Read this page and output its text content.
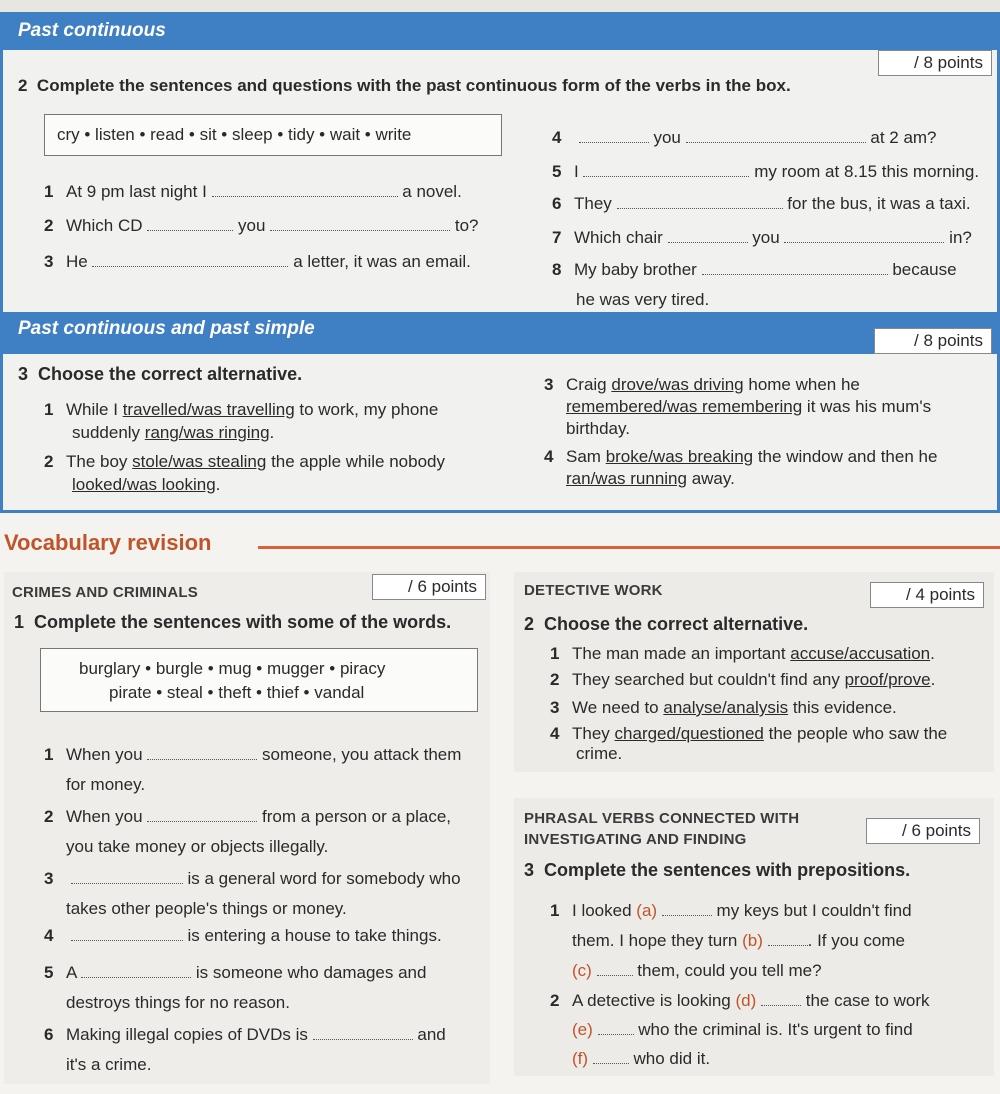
Past continuous
/ 8 points
2 Complete the sentences and questions with the past continuous form of the verbs in the box.
cry • listen • read • sit • sleep • tidy • wait • write
1 At 9 pm last night I	a novel.
2 Which CD	you	to?
3 He	a letter, it was an email.
4	you	at 2 am?
5 I	my room at 8.15 this morning.
6 They	for the bus, it was a taxi.
7 Which chair	you	in?
8 My baby brother	because
he was very tired.
Past continuous and past simple
/ 8 points
3 Choose the correct alternative.
1 While I travelled/was travelling to work, my phone
suddenly rang/was ringing.
2 The boy stole/was stealing the apple while nobody
looked/was looking.
3 Craig drove/was driving home when he
remembered/was remembering it was his mum's
birthday.
4 Sam broke/was breaking the window and then he
ran/was running away.
Vocabulary revision
CRIMES AND CRIMINALS	/ 6 points
1 Complete the sentences with some of the words.
burglary • burgle • mug • mugger • piracy
pirate • steal • theft • thief • vandal
1 When you	someone, you attack them
for money.
2 When you	from a person or a place,
you take money or objects illegally.
3	is a general word for somebody who
takes other people's things or money.
4	is entering a house to take things.
5 A	is someone who damages and
destroys things for no reason.
6 Making illegal copies of DVDs is	and
it's a crime.
DETECTIVE WORK	/ 4 points
2 Choose the correct alternative.
1 The man made an important accuse/accusation.
2 They searched but couldn't find any proof/prove.
3 We need to analyse/analysis this evidence.
4 They charged/questioned the people who saw the
crime.
PHRASAL VERBS CONNECTED WITH
INVESTIGATING AND FINDING	/ 6 points
3 Complete the sentences with prepositions.
1 I looked (a)	my keys but I couldn't find
them. I hope they turn (b)	. If you come
(c)	them, could you tell me?
2 A detective is looking (d)	the case to work
(e)	who the criminal is. It's urgent to find
(f)	who did it.
